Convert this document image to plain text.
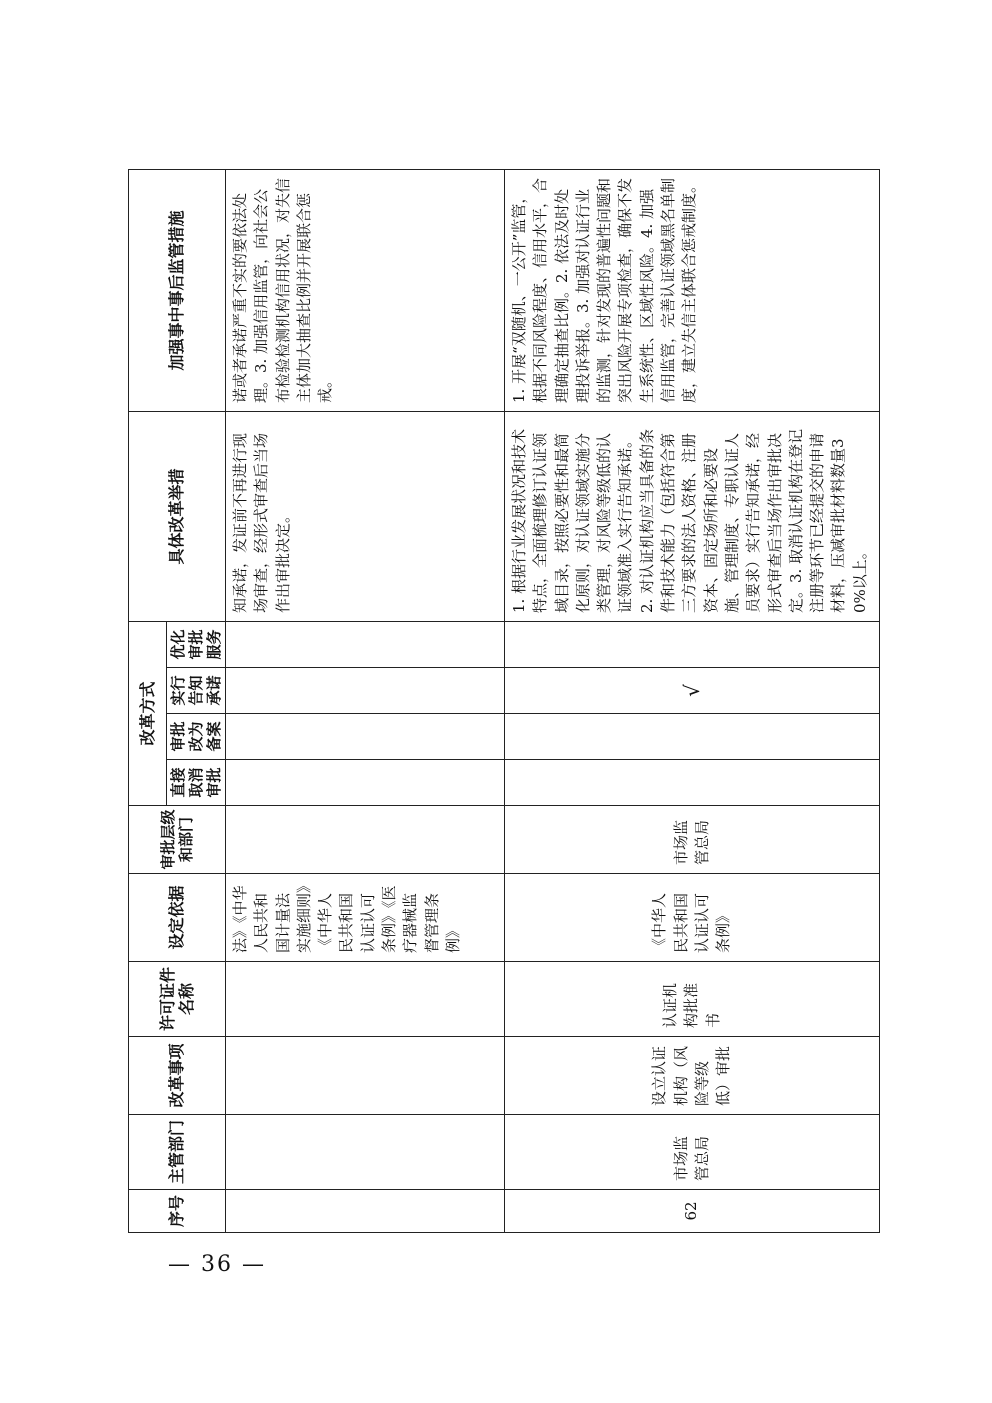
序号	主管部门	改革事项	许可证件名称	设定依据	审批层级和部门	改革方式				具体改革举措	加强事中事后监管措施
						直接取消审批	审批改为备案	实行告知承诺	优化审批服务		
				法》《中华人民共和国计量法实施细则》《中华人民共和国认证认可条例》《医疗器械监督管理条例》						知承诺，发证前不再进行现场审查，经形式审查后当场作出审批决定。	诺或者承诺严重不实的要依法处理。3. 加强信用监管，向社会公布检验检测机构信用状况，对失信主体加大抽查比例并开展联合惩戒。
62	市场监管总局	设立认证机构（风险等级低）审批	认证机构批准书	《中华人民共和国认证认可条例》	市场监管总局			√		1. 根据行业发展状况和技术特点，全面梳理修订认证领域目录，按照必要性和最简化原则，对认证领域实施分类管理，对风险等级低的认证领域准入实行告知承诺。2. 对认证机构应当具备的条件和技术能力（包括符合第三方要求的法人资格、注册资本、固定场所和必要设施、管理制度、专职认证人员要求）实行告知承诺，经形式审查后当场作出审批决定。3. 取消认证机构在登记注册等环节已经提交的申请材料，压减审批材料数量30%以上。	1. 开展“双随机、一公开”监管，根据不同风险程度、信用水平，合理确定抽查比例。2. 依法及时处理投诉举报。3. 加强对认证行业的监测，针对发现的普遍性问题和突出风险开展专项检查，确保不发生系统性、区域性风险。4. 加强信用监管，完善认证领域黑名单制度，建立失信主体联合惩戒制度。
— 36 —
